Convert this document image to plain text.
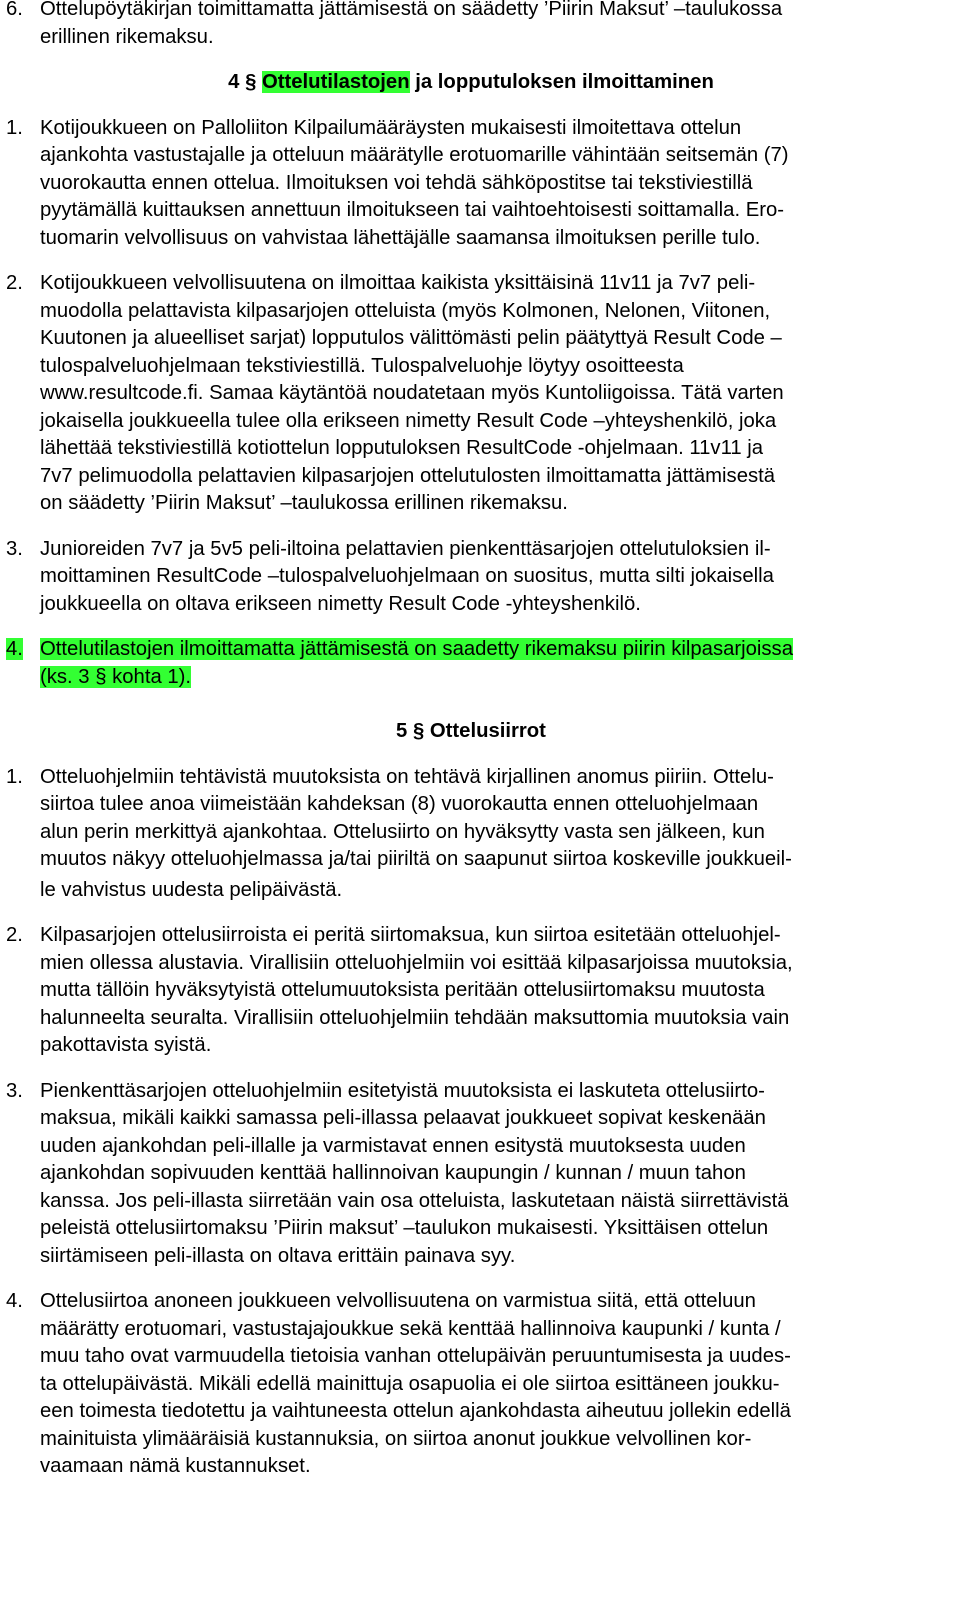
6. Ottelupöytäkirjan toimittamatta jättämisestä on säädetty ’Piirin Maksut’ –taulukossa
erillinen rikemaksu.
4 § Ottelutilastojen ja lopputuloksen ilmoittaminen
1. Kotijoukkueen on Palloliiton Kilpailumääräysten mukaisesti ilmoitettava ottelun
ajankohta vastustajalle ja otteluun määrätylle erotuomarille vähintään seitsemän (7)
vuorokautta ennen ottelua. Ilmoituksen voi tehdä sähköpostitse tai tekstiviestillä
pyytämällä kuittauksen annettuun ilmoitukseen tai vaihtoehtoisesti soittamalla. Ero-
tuomarin velvollisuus on vahvistaa lähettäjälle saamansa ilmoituksen perille tulo.
2. Kotijoukkueen velvollisuutena on ilmoittaa kaikista yksittäisinä 11v11 ja 7v7 peli-
muodolla pelattavista kilpasarjojen otteluista (myös Kolmonen, Nelonen, Viitonen,
Kuutonen ja alueelliset sarjat) lopputulos välittömästi pelin päätyttyä Result Code –
tulospalveluohjelmaan tekstiviestillä. Tulospalveluohje löytyy osoitteesta
www.resultcode.fi. Samaa käytäntöä noudatetaan myös Kuntoliigoissa. Tätä varten
jokaisella joukkueella tulee olla erikseen nimetty Result Code –yhteyshenkilö, joka
lähettää tekstiviestillä kotiottelun lopputuloksen ResultCode -ohjelmaan. 11v11 ja
7v7 pelimuodolla pelattavien kilpasarjojen ottelutulosten ilmoittamatta jättämisestä
on säädetty ’Piirin Maksut’ –taulukossa erillinen rikemaksu.
3. Junioreiden 7v7 ja 5v5 peli-iltoina pelattavien pienkenttäsarjojen ottelutuloksien il-
moittaminen ResultCode –tulospalveluohjelmaan on suositus, mutta silti jokaisella
joukkueella on oltava erikseen nimetty Result Code -yhteyshenkilö.
4. Ottelutilastojen ilmoittamatta jättämisestä on saadetty rikemaksu piirin kilpasarjoissa
(ks. 3 § kohta 1).
5 § Ottelusiirrot
1. Otteluohjelmiin tehtävistä muutoksista on tehtävä kirjallinen anomus piiriin. Ottelu-
siirtoa tulee anoa viimeistään kahdeksan (8) vuorokautta ennen otteluohjelmaan
alun perin merkittyä ajankohtaa. Ottelusiirto on hyväksytty vasta sen jälkeen, kun
muutos näkyy otteluohjelmassa ja/tai piiriltä on saapunut siirtoa koskeville joukkueil-
le vahvistus uudesta pelipäivästä.
2. Kilpasarjojen ottelusiirroista ei peritä siirtomaksua, kun siirtoa esitetään otteluohjel-
mien ollessa alustavia. Virallisiin otteluohjelmiin voi esittää kilpasarjoissa muutoksia,
mutta tällöin hyväksytyistä ottelumuutoksista peritään ottelusiirtomaksu muutosta
halunneelta seuralta. Virallisiin otteluohjelmiin tehdään maksuttomia muutoksia vain
pakottavista syistä.
3. Pienkenttäsarjojen otteluohjelmiin esitetyistä muutoksista ei laskuteta ottelusiirto-
maksua, mikäli kaikki samassa peli-illassa pelaavat joukkueet sopivat keskenään
uuden ajankohdan peli-illalle ja varmistavat ennen esitystä muutoksesta uuden
ajankohdan sopivuuden kenttää hallinnoivan kaupungin / kunnan / muun tahon
kanssa. Jos peli-illasta siirretään vain osa otteluista, laskutetaan näistä siirrettävistä
peleistä ottelusiirtomaksu ’Piirin maksut’ –taulukon mukaisesti. Yksittäisen ottelun
siirtämiseen peli-illasta on oltava erittäin painava syy.
4. Ottelusiirtoa anoneen joukkueen velvollisuutena on varmistua siitä, että otteluun
määrätty erotuomari, vastustajajoukkue sekä kenttää hallinnoiva kaupunki / kunta /
muu taho ovat varmuudella tietoisia vanhan ottelupäivän peruuntumisesta ja uudes-
ta ottelupäivästä. Mikäli edellä mainittuja osapuolia ei ole siirtoa esittäneen joukku-
een toimesta tiedotettu ja vaihtuneesta ottelun ajankohdasta aiheutuu jollekin edellä
mainituista ylimääräisiä kustannuksia, on siirtoa anonut joukkue velvollinen kor-
vaamaan nämä kustannukset.
